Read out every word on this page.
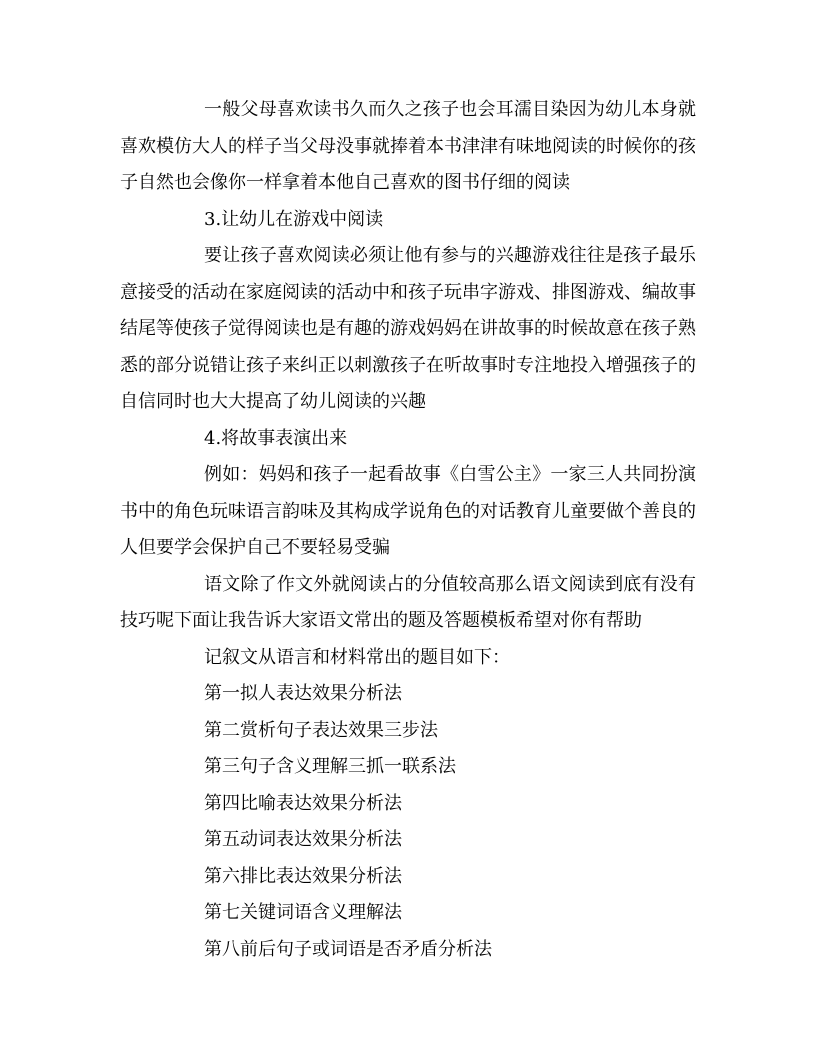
一般父母喜欢读书久而久之孩子也会耳濡目染因为幼儿本身就喜欢模仿大人的样子当父母没事就捧着本书津津有味地阅读的时候你的孩子自然也会像你一样拿着本他自己喜欢的图书仔细的阅读

3.让幼儿在游戏中阅读

要让孩子喜欢阅读必须让他有参与的兴趣游戏往往是孩子最乐意接受的活动在家庭阅读的活动中和孩子玩串字游戏、排图游戏、编故事结尾等使孩子觉得阅读也是有趣的游戏妈妈在讲故事的时候故意在孩子熟悉的部分说错让孩子来纠正以刺激孩子在听故事时专注地投入增强孩子的自信同时也大大提高了幼儿阅读的兴趣

4.将故事表演出来

例如：妈妈和孩子一起看故事《白雪公主》一家三人共同扮演书中的角色玩味语言韵味及其构成学说角色的对话教育儿童要做个善良的人但要学会保护自己不要轻易受骗

语文除了作文外就阅读占的分值较高那么语文阅读到底有没有技巧呢下面让我告诉大家语文常出的题及答题模板希望对你有帮助

记叙文从语言和材料常出的题目如下：

第一拟人表达效果分析法

第二赏析句子表达效果三步法

第三句子含义理解三抓一联系法

第四比喻表达效果分析法

第五动词表达效果分析法

第六排比表达效果分析法

第七关键词语含义理解法

第八前后句子或词语是否矛盾分析法
